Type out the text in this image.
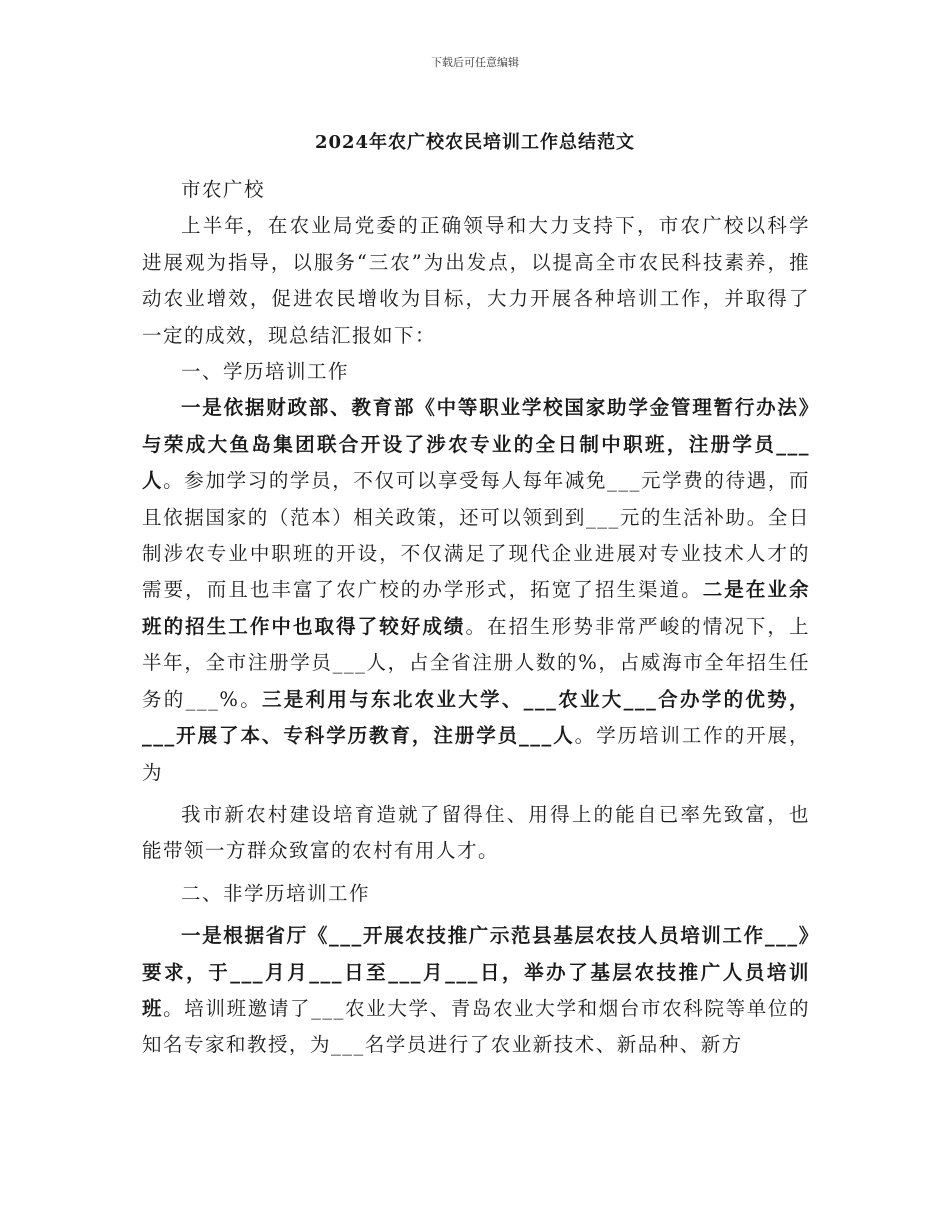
下载后可任意编辑
2024年农广校农民培训工作总结范文

市农广校

上半年，在农业局党委的正确领导和大力支持下，市农广校以科学进展观为指导，以服务“三农”为出发点，以提高全市农民科技素养，推动农业增效，促进农民增收为目标，大力开展各种培训工作，并取得了一定的成效，现总结汇报如下：

一、学历培训工作

一是依据财政部、教育部《中等职业学校国家助学金管理暂行办法》与荣成大鱼岛集团联合开设了涉农专业的全日制中职班，注册学员___人。参加学习的学员，不仅可以享受每人每年减免___元学费的待遇，而且依据国家的（范本）相关政策，还可以领到到___元的生活补助。全日制涉农专业中职班的开设，不仅满足了现代企业进展对专业技术人才的需要，而且也丰富了农广校的办学形式，拓宽了招生渠道。二是在业余班的招生工作中也取得了较好成绩。在招生形势非常严峻的情况下，上半年，全市注册学员___人，占全省注册人数的%，占威海市全年招生任务的___%。三是利用与东北农业大学、___农业大___合办学的优势，___开展了本、专科学历教育，注册学员___人。学历培训工作的开展，为

我市新农村建设培育造就了留得住、用得上的能自已率先致富，也能带领一方群众致富的农村有用人才。

二、非学历培训工作

一是根据省厅《___开展农技推广示范县基层农技人员培训工作___》要求，于___月月___日至___月___日，举办了基层农技推广人员培训班。培训班邀请了___农业大学、青岛农业大学和烟台市农科院等单位的知名专家和教授，为___名学员进行了农业新技术、新品种、新方
